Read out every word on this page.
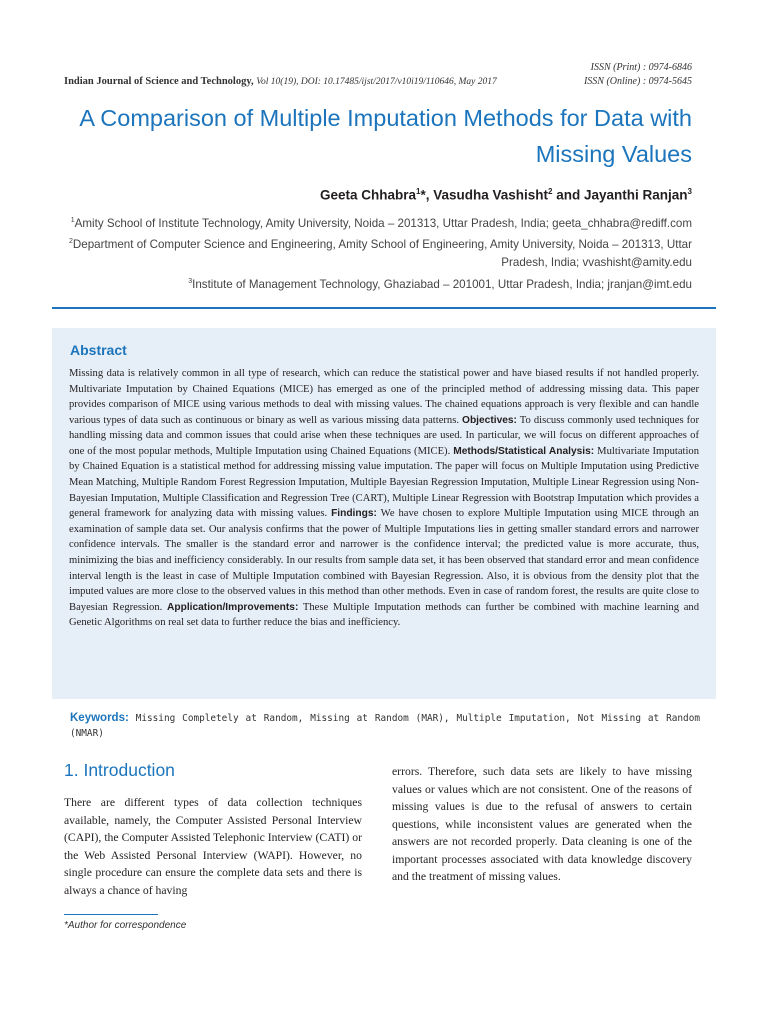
ISSN (Print) : 0974-6846
ISSN (Online) : 0974-5645
Indian Journal of Science and Technology, Vol 10(19), DOI: 10.17485/ijst/2017/v10i19/110646, May 2017
A Comparison of Multiple Imputation Methods for Data with Missing Values
Geeta Chhabra$^1$*, Vasudha Vashisht$^2$ and Jayanthi Ranjan$^3$
$^1$Amity School of Institute Technology, Amity University, Noida – 201313, Uttar Pradesh, India; geeta_chhabra@rediff.com
$^2$Department of Computer Science and Engineering, Amity School of Engineering, Amity University, Noida – 201313, Uttar Pradesh, India; vvashisht@amity.edu
$^3$Institute of Management Technology, Ghaziabad – 201001, Uttar Pradesh, India; jranjan@imt.edu
Abstract
Missing data is relatively common in all type of research, which can reduce the statistical power and have biased results if not handled properly. Multivariate Imputation by Chained Equations (MICE) has emerged as one of the principled method of addressing missing data. This paper provides comparison of MICE using various methods to deal with missing values. The chained equations approach is very flexible and can handle various types of data such as continuous or binary as well as various missing data patterns. Objectives: To discuss commonly used techniques for handling missing data and common issues that could arise when these techniques are used. In particular, we will focus on different approaches of one of the most popular methods, Multiple Imputation using Chained Equations (MICE). Methods/Statistical Analysis: Multivariate Imputation by Chained Equation is a statistical method for addressing missing value imputation. The paper will focus on Multiple Imputation using Predictive Mean Matching, Multiple Random Forest Regression Imputation, Multiple Bayesian Regression Imputation, Multiple Linear Regression using Non-Bayesian Imputation, Multiple Classification and Regression Tree (CART), Multiple Linear Regression with Bootstrap Imputation which provides a general framework for analyzing data with missing values. Findings: We have chosen to explore Multiple Imputation using MICE through an examination of sample data set. Our analysis confirms that the power of Multiple Imputations lies in getting smaller standard errors and narrower confidence intervals. The smaller is the standard error and narrower is the confidence interval; the predicted value is more accurate, thus, minimizing the bias and inefficiency considerably. In our results from sample data set, it has been observed that standard error and mean confidence interval length is the least in case of Multiple Imputation combined with Bayesian Regression. Also, it is obvious from the density plot that the imputed values are more close to the observed values in this method than other methods. Even in case of random forest, the results are quite close to Bayesian Regression. Application/Improvements: These Multiple Imputation methods can further be combined with machine learning and Genetic Algorithms on real set data to further reduce the bias and inefficiency.
Keywords: Missing Completely at Random, Missing at Random (MAR), Multiple Imputation, Not Missing at Random (NMAR)
1. Introduction
There are different types of data collection techniques available, namely, the Computer Assisted Personal Interview (CAPI), the Computer Assisted Telephonic Interview (CATI) or the Web Assisted Personal Interview (WAPI). However, no single procedure can ensure the complete data sets and there is always a chance of having
errors. Therefore, such data sets are likely to have missing values or values which are not consistent. One of the reasons of missing values is due to the refusal of answers to certain questions, while inconsistent values are generated when the answers are not recorded properly. Data cleaning is one of the important processes associated with data knowledge discovery and the treatment of missing values.
*Author for correspondence
